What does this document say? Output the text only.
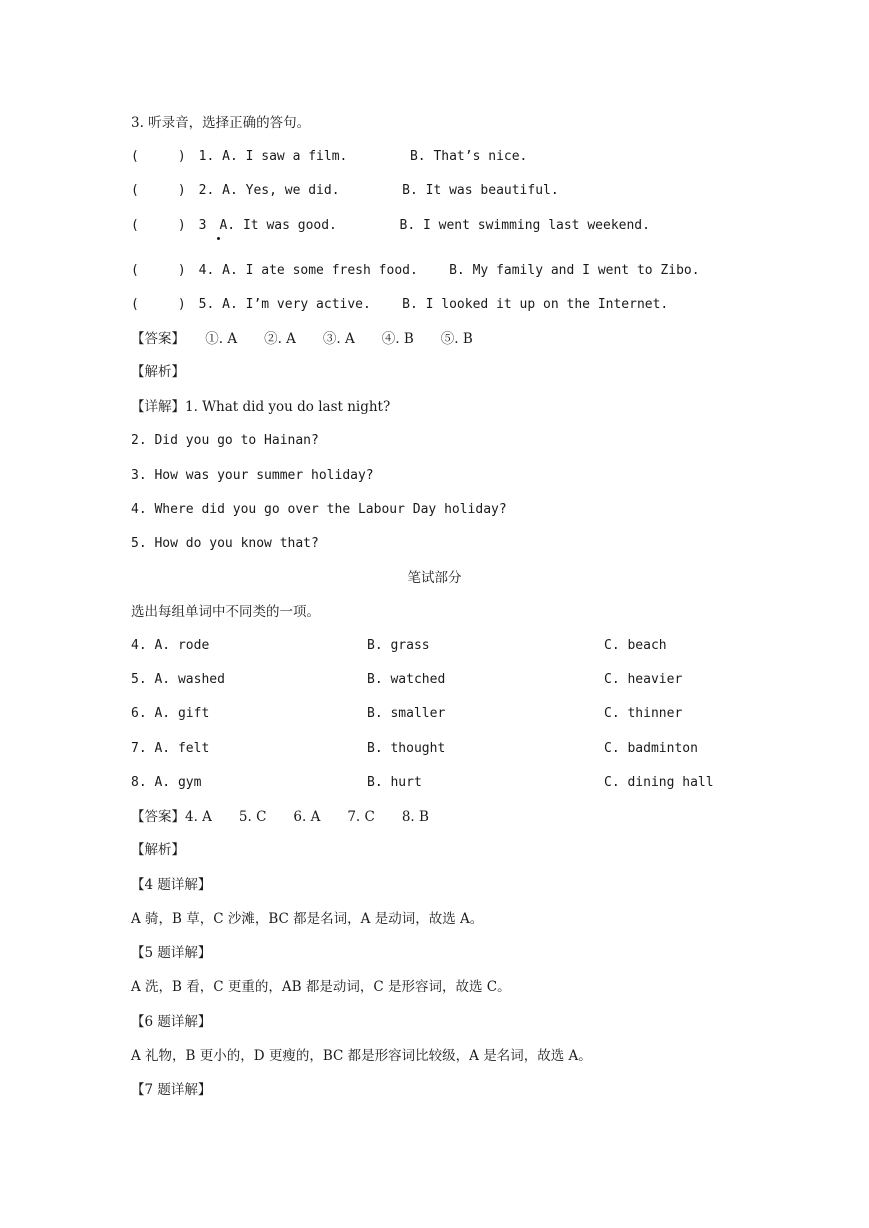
3. 听录音，选择正确的答句。
(　　　)　1. A. I saw a film.        B. That’s nice.
(　　　)　2. A. Yes, we did.        B. It was beautiful.
(　　　)　3　A. It was good.        B. I went swimming last weekend.
(　　　)　4. A. I ate some fresh food.    B. My family and I went to Zibo.
(　　　)　5. A. I’m very active.    B. I looked it up on the Internet.
【答案】　　①. A　　②. A　　③. A　　④. B　　⑤. B
【解析】
【详解】1. What did you do last night?
2. Did you go to Hainan?
3. How was your summer holiday?
4. Where did you go over the Labour Day holiday?
5. How do you know that?
笔试部分
选出每组单词中不同类的一项。
4. A. rode	B. grass	C. beach
5. A. washed	B. watched	C. heavier
6. A. gift	B. smaller	C. thinner
7. A. felt	B. thought	C. badminton
8. A. gym	B. hurt	C. dining hall
【答案】4. A　　5. C　　6. A　　7. C　　8. B
【解析】
【4 题详解】
A 骑，B 草，C 沙滩，BC 都是名词，A 是动词，故选 A。
【5 题详解】
A 洗，B 看，C 更重的，AB 都是动词，C 是形容词，故选 C。
【6 题详解】
A 礼物，B 更小的，D 更瘦的，BC 都是形容词比较级，A 是名词，故选 A。
【7 题详解】
